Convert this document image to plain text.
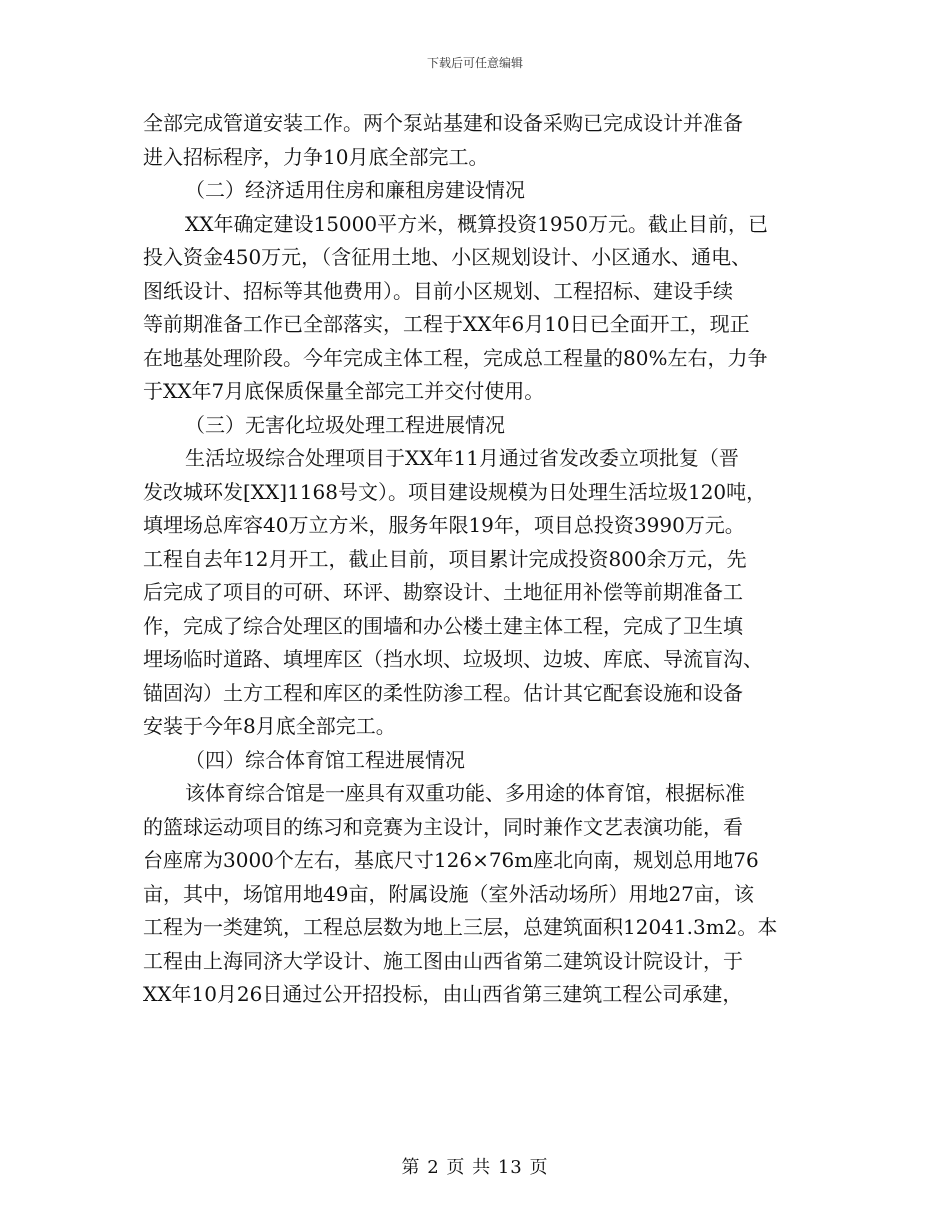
下载后可任意编辑
全部完成管道安装工作。两个泵站基建和设备采购已完成设计并准备
进入招标程序，力争10月底全部完工。
（二）经济适用住房和廉租房建设情况
XX年确定建设15000平方米，概算投资1950万元。截止目前，已
投入资金450万元，（含征用土地、小区规划设计、小区通水、通电、
图纸设计、招标等其他费用）。目前小区规划、工程招标、建设手续
等前期准备工作已全部落实，工程于XX年6月10日已全面开工，现正
在地基处理阶段。今年完成主体工程，完成总工程量的80%左右，力争
于XX年7月底保质保量全部完工并交付使用。
（三）无害化垃圾处理工程进展情况
生活垃圾综合处理项目于XX年11月通过省发改委立项批复（晋
发改城环发[XX]1168号文）。项目建设规模为日处理生活垃圾120吨，
填埋场总库容40万立方米，服务年限19年，项目总投资3990万元。
工程自去年12月开工，截止目前，项目累计完成投资800余万元，先
后完成了项目的可研、环评、勘察设计、土地征用补偿等前期准备工
作，完成了综合处理区的围墙和办公楼土建主体工程，完成了卫生填
埋场临时道路、填埋库区（挡水坝、垃圾坝、边坡、库底、导流盲沟、
锚固沟）土方工程和库区的柔性防渗工程。估计其它配套设施和设备
安装于今年8月底全部完工。
（四）综合体育馆工程进展情况
该体育综合馆是一座具有双重功能、多用途的体育馆，根据标准
的篮球运动项目的练习和竞赛为主设计，同时兼作文艺表演功能，看
台座席为3000个左右，基底尺寸126×76m座北向南，规划总用地76
亩，其中，场馆用地49亩，附属设施（室外活动场所）用地27亩，该
工程为一类建筑，工程总层数为地上三层，总建筑面积12041.3m2。本
工程由上海同济大学设计、施工图由山西省第二建筑设计院设计，于
XX年10月26日通过公开招投标，由山西省第三建筑工程公司承建，
第 2 页 共 13 页
